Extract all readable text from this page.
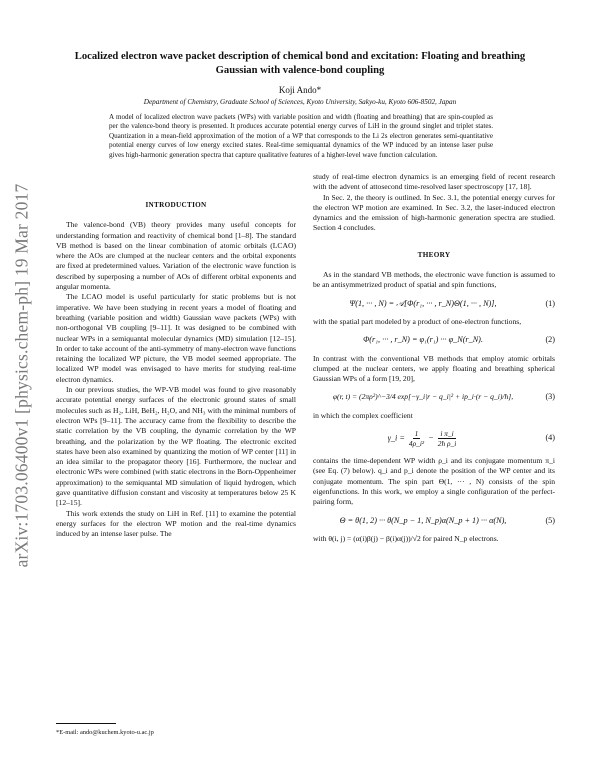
arXiv:1703.06400v1 [physics.chem-ph] 19 Mar 2017
Localized electron wave packet description of chemical bond and excitation: Floating and breathing Gaussian with valence-bond coupling
Koji Ando*
Department of Chemistry, Graduate School of Sciences, Kyoto University, Sakyo-ku, Kyoto 606-8502, Japan
A model of localized electron wave packets (WPs) with variable position and width (floating and breathing) that are spin-coupled as per the valence-bond theory is presented. It produces accurate potential energy curves of LiH in the ground singlet and triplet states. Quantization in a mean-field approximation of the motion of a WP that corresponds to the Li 2s electron generates semi-quantitative potential energy curves of low energy excited states. Real-time semiquantal dynamics of the WP induced by an intense laser pulse gives high-harmonic generation spectra that capture qualitative features of a higher-level wave function calculation.
INTRODUCTION

The valence-bond (VB) theory provides many useful concepts for understanding formation and reactivity of chemical bond [1–8]. The standard VB method is based on the linear combination of atomic orbitals (LCAO) where the AOs are clumped at the nuclear centers and the orbital exponents are fixed at predetermined values. Variation of the electronic wave function is described by superposing a number of AOs of different orbital exponents and angular momenta.

The LCAO model is useful particularly for static problems but is not imperative. We have been studying in recent years a model of floating and breathing (variable position and width) Gaussian wave packets (WPs) with non-orthogonal VB coupling [9–11]. It was designed to be combined with nuclear WPs in a semiquantal molecular dynamics (MD) simulation [12–15]. In order to take account of the anti-symmetry of many-electron wave functions retaining the localized WP picture, the VB model seemed appropriate. The localized WP model was envisaged to have merits for studying real-time electron dynamics.

In our previous studies, the WP-VB model was found to give reasonably accurate potential energy surfaces of the electronic ground states of small molecules such as H₂, LiH, BeH₂, H₂O, and NH₃ with the minimal numbers of electron WPs [9–11]. The accuracy came from the flexibility to describe the static correlation by the VB coupling, the dynamic correlation by the WP breathing, and the polarization by the WP floating. The electronic excited states have been also examined by quantizing the motion of WP center [11] in an idea similar to the propagator theory [16]. Furthermore, the nuclear and electronic WPs were combined (with static electrons in the Born-Oppenheimer approximation) to the semiquantal MD simulation of liquid hydrogen, which gave quantitative diffusion constant and viscosity at temperatures below 25 K [12–15].

This work extends the study on LiH in Ref. [11] to examine the potential energy surfaces for the electron WP motion and the real-time dynamics induced by an intense laser pulse. The

study of real-time electron dynamics is an emerging field of recent research with the advent of attosecond time-resolved laser spectroscopy [17, 18].

In Sec. 2, the theory is outlined. In Sec. 3.1, the potential energy curves for the electron WP motion are examined. In Sec. 3.2, the laser-induced electron dynamics and the emission of high-harmonic generation spectra are studied. Section 4 concludes.

THEORY

As in the standard VB methods, the electronic wave function is assumed to be an antisymmetrized product of spatial and spin functions,

Ψ(1, ··· , N) = 𝒜[Φ(r₁, ··· , r_N)Θ(1, ··· , N)],	(1)

with the spatial part modeled by a product of one-electron functions,

Φ(r₁, ··· , r_N) = φ₁(r₁) ··· φ_N(r_N).	(2)

In contrast with the conventional VB methods that employ atomic orbitals clumped at the nuclear centers, we apply floating and breathing spherical Gaussian WPs of a form [19, 20],

φ(r, t) = (2πρ²)^−3/4 exp[−γ_i|r − q_i|² + ip_i·(r − q_i)/ħ],	(3)

in which the complex coefficient

γ_i = $\frac{1}{\text{4ρ\_i²}} - \frac{\text{i π\_i}}{\text{2ħ ρ\_i}}$	(4)

contains the time-dependent WP width ρ_i and its conjugate momentum π_i (see Eq. (7) below). q_i and p_i denote the position of the WP center and its conjugate momentum. The spin part Θ(1, ··· , N) consists of the spin eigenfunctions. In this work, we employ a single configuration of the perfect-pairing form,

Θ = θ(1, 2) ··· θ(N_p − 1, N_p)α(N_p + 1) ··· α(N),	(5)

with θ(i, j) = (α(i)β(j) − β(i)α(j))/√2 for paired N_p electrons.

*E-mail: ando@kuchem.kyoto-u.ac.jp
